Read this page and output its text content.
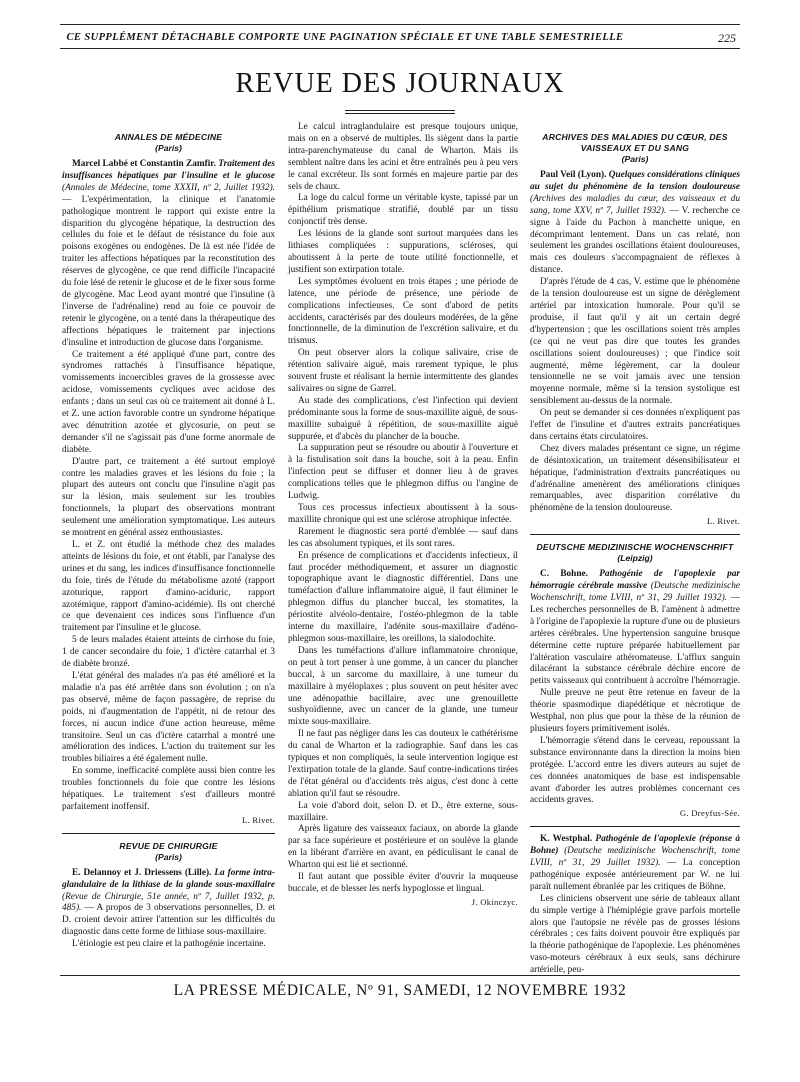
CE SUPPLÉMENT DÉTACHABLE COMPORTE UNE PAGINATION SPÉCIALE ET UNE TABLE SEMESTRIELLE	225
REVUE DES JOURNAUX
ANNALES DE MÉDECINE
(Paris)

Marcel Labbé et Constantin Zamfir. Traitement des insuffisances hépatiques par l'insuline et le glucose (Annales de Médecine, tome XXXII, nº 2, Juillet 1932). — L'expérimentation, la clinique et l'anatomie pathologique montrent le rapport qui existe entre la disparition du glycogène hépatique, la destruction des cellules du foie et le défaut de résistance du foie aux poisons exogènes ou endogènes. De là est née l'idée de traiter les affections hépatiques par la reconstitution des réserves de glycogène, ce que rend difficile l'incapacité du foie lésé de retenir le glucose et de le fixer sous forme de glycogène. Mac Leod ayant montré que l'insuline (à l'inverse de l'adrénaline) rend au foie ce pouvoir de retenir le glycogène, on a tenté dans la thérapeutique des affections hépatiques le traitement par injections d'insuline et introduction de glucose dans l'organisme.

Ce traitement a été appliqué d'une part, contre des syndromes rattachés à l'insuffisance hépatique, vomissements incoercibles graves de la grossesse avec acidose, vomissements cycliques avec acidose des enfants ; dans un seul cas où ce traitement ait donné à L. et Z. une action favorable contre un syndrome hépatique avec dénutrition azotée et glycosurie, on peut se demander s'il ne s'agissait pas d'une forme anormale de diabète.

D'autre part, ce traitement a été surtout employé contre les maladies graves et les lésions du foie ; la plupart des auteurs ont conclu que l'insuline n'agit pas sur la lésion, mais seulement sur les troubles fonctionnels, la plupart des observations montrant seulement une amélioration symptomatique. Les auteurs se montrent en général assez enthousiastes.

L. et Z. ont étudié la méthode chez des malades atteints de lésions du foie, et ont établi, par l'analyse des urines et du sang, les indices d'insuffisance fonctionnelle du foie, tirés de l'étude du métabolisme azoté (rapport azoturique, rapport d'amino-aciduric, rapport azotémique, rapport d'amino-acidémie). Ils ont cherché ce que devenaient ces indices sous l'influence d'un traitement par l'insuline et le glucose.

5 de leurs malades étaient atteints de cirrhose du foie, 1 de cancer secondaire du foie, 1 d'ictère catarrhal et 3 de diabète bronzé.

L'état général des malades n'a pas été amélioré et la maladie n'a pas été arrêtée dans son évolution ; on n'a pas observé, même de façon passagère, de reprise du poids, ni d'augmentation de l'appétit, ni de retour des forces, ni aucun indice d'une action heureuse, même transitoire. Seul un cas d'ictère catarrhal a montré une amélioration des indices. L'action du traitement sur les troubles biliaires a été également nulle.

En somme, inefficacité complète aussi bien contre les troubles fonctionnels du foie que contre les lésions hépatiques. Le traitement s'est d'ailleurs montré parfaitement inoffensif.

L. Rivet.

REVUE DE CHIRURGIE
(Paris)

E. Delannoy et J. Driessens (Lille). La forme intra-glandulaire de la lithiase de la glande sous-maxillaire (Revue de Chirurgie, 51e année, nº 7, Juillet 1932, p. 485). — A propos de 3 observations personnelles, D. et D. croient devoir attirer l'attention sur les difficultés du diagnostic dans cette forme de lithiase sous-maxillaire.

L'étiologie est peu claire et la pathogénie incertaine.

Le calcul intraglandulaire est presque toujours unique, mais on en a observé de multiples. Ils siègent dans la partie intra-parenchymateuse du canal de Wharton. Mais ils semblent naître dans les acini et être entraînés peu à peu vers le canal excréteur. Ils sont formés en majeure partie par des sels de chaux.

La loge du calcul forme un véritable kyste, tapissé par un épithélium prismatique stratifié, doublé par un tissu conjonctif très dense.

Les lésions de la glande sont surtout marquées dans les lithiases compliquées : suppurations, scléroses, qui aboutissent à la perte de toute utilité fonctionnelle, et justifient son extirpation totale.

Les symptômes évoluent en trois étapes ; une période de latence, une période de présence, une période de complications infectieuses. Ce sont d'abord de petits accidents, caractérisés par des douleurs modérées, de la gêne fonctionnelle, de la diminution de l'excrétion salivaire, et du trismus.

On peut observer alors la colique salivaire, crise de rétention salivaire aiguë, mais rarement typique, le plus souvent fruste et réalisant la hernie intermittente des glandes salivaires ou signe de Garrel.

Au stade des complications, c'est l'infection qui devient prédominante sous la forme de sous-maxillite aiguë, de sous-maxillite subaiguë à répétition, de sous-maxillite aiguë suppurée, et d'abcès du plancher de la bouche.

La suppuration peut se résoudre ou aboutir à l'ouverture et à la fistulisation soit dans la bouche, soit à la peau. Enfin l'infection peut se diffuser et donner lieu à de graves complications telles que le phlegmon diffus ou l'angine de Ludwig.

Tous ces processus infectieux aboutissent à la sous-maxillite chronique qui est une sclérose atrophique infectée.

Rarement le diagnostic sera porté d'emblée — sauf dans les cas absolument typiques, et ils sont rares.

En présence de complications et d'accidents infectieux, il faut procéder méthodiquement, et assurer un diagnostic topographique avant le diagnostic différentiel. Dans une tuméfaction d'allure inflammatoire aiguë, il faut éliminer le phlegmon diffus du plancher buccal, les stomatites, la périostite alvéolo-dentaire, l'ostéo-phlegmon de la table interne du maxillaire, l'adénite sous-maxillaire d'adéno-phlegmon sous-maxillaire, les oreillons, la sialodochite.

Dans les tuméfactions d'allure inflammatoire chronique, on peut à tort penser à une gomme, à un cancer du plancher buccal, à un sarcome du maxillaire, à une tumeur du maxillaire à myéloplaxes ; plus souvent on peut hésiter avec une adénopathie bacillaire, avec une grenouillette sushyoïdienne, avec un cancer de la glande, une tumeur mixte sous-maxillaire.

Il ne faut pas négliger dans les cas douteux le cathétérisme du canal de Wharton et la radiographie. Sauf dans les cas typiques et non compliqués, la seule intervention logique est l'extirpation totale de la glande. Sauf contre-indications tirées de l'état général ou d'accidents très aigus, c'est donc à cette ablation qu'il faut se résoudre.

La voie d'abord doit, selon D. et D., être externe, sous-maxillaire.

Après ligature des vaisseaux faciaux, on aborde la glande par sa face supérieure et postérieure et on soulève la glande en la libérant d'arrière en avant, en pédiculisant le canal de Wharton qui est lié et sectionné.

Il faut autant que possible éviter d'ouvrir la muqueuse buccale, et de blesser les nerfs hypoglosse et lingual.

J. Okinczyc.

ARCHIVES DES MALADIES DU CŒUR, DES VAISSEAUX ET DU SANG
(Paris)

Paul Veil (Lyon). Quelques considérations cliniques au sujet du phénomène de la tension douloureuse (Archives des maladies du cœur, des vaisseaux et du sang, tome XXV, nº 7, Juillet 1932). — V. recherche ce signe à l'aide du Pachon à manchette unique, en décomprimant lentement. Dans un cas relaté, non seulement les grandes oscillations étaient douloureuses, mais ces douleurs s'accompagnaient de réflexes à distance.

D'après l'étude de 4 cas, V. estime que le phénomène de la tension douloureuse est un signe de dérèglement artériel par intoxication humorale. Pour qu'il se produise, il faut qu'il y ait un certain degré d'hypertension ; que les oscillations soient très amples (ce qui ne veut pas dire que toutes les grandes oscillations soient douloureuses) ; que l'indice soit augmenté, même légèrement, car la douleur tensionnelle ne se voit jamais avec une tension moyenne normale, même si la tension systolique est sensiblement au-dessus de la normale.

On peut se demander si ces données n'expliquent pas l'effet de l'insuline et d'autres extraits pancréatiques dans certains états circulatoires.

Chez divers malades présentant ce signe, un régime de désintoxication, un traitement désensibilisateur et hépatique, l'administration d'extraits pancréatiques ou d'adrénaline amenèrent des améliorations cliniques remarquables, avec disparition corrélative du phénomène de la tension douloureuse.

L. Rivet.

DEUTSCHE MEDIZINISCHE WOCHENSCHRIFT
(Leipzig)

C. Bohne. Pathogénie de l'apoplexie par hémorragie cérébrale massive (Deutsche medizinische Wochenschrift, tome LVIII, nº 31, 29 Juillet 1932). — Les recherches personnelles de B. l'amènent à admettre à l'origine de l'apoplexie la rupture d'une ou de plusieurs artères cérébrales. Une hypertension sanguine brusque détermine cette rupture préparée habituellement par l'altération vasculaire athéromateuse. L'afflux sanguin dilacérant la substance cérébrale déchire encore de petits vaisseaux qui contribuent à accroître l'hémorragie.

Nulle preuve ne peut être retenue en faveur de la théorie spasmodique diapédétique et nécrotique de Westphal, non plus que pour la thèse de la réunion de plusieurs foyers primitivement isolés.

L'hémorragie s'étend dans le cerveau, repoussant la substance environnante dans la direction la moins bien protégée. L'accord entre les divers auteurs au sujet de ces données anatomiques de base est indispensable avant d'aborder les autres problèmes concernant ces accidents graves.

G. Dreyfus-Sée.

K. Westphal. Pathogénie de l'apoplexie (réponse à Bohne) (Deutsche medizinische Wochenschrift, tome LVIII, nº 31, 29 Juillet 1932). — La conception pathogénique exposée antérieurement par W. ne lui paraît nullement ébranlée par les critiques de Böhne.

Les cliniciens observent une série de tableaux allant du simple vertige à l'hémiplégie grave parfois mortelle alors que l'autopsie ne révèle pas de grosses lésions cérébrales ; ces faits doivent pouvoir être expliqués par la théorie pathogénique de l'apoplexie. Les phénomènes vaso-moteurs cérébraux à eux seuls, sans déchirure artérielle, peu-

LA PRESSE MÉDICALE, Nº 91, SAMEDI, 12 NOVEMBRE 1932
